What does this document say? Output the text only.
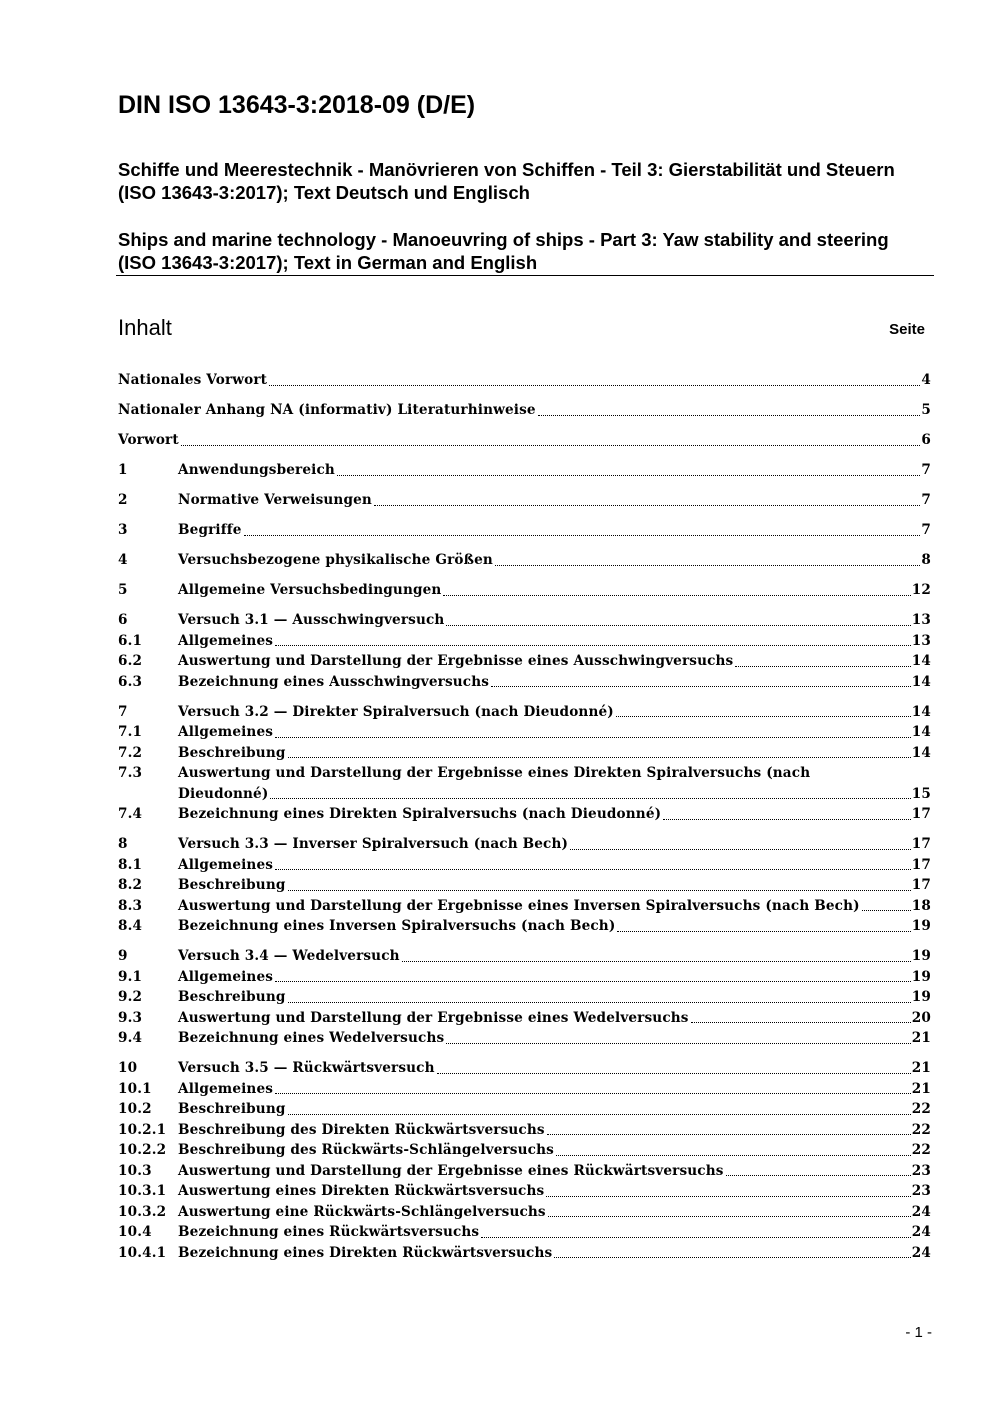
DIN ISO 13643-3:2018-09 (D/E)
Schiffe und Meerestechnik - Manövrieren von Schiffen - Teil 3: Gierstabilität und Steuern (ISO 13643-3:2017); Text Deutsch und Englisch
Ships and marine technology - Manoeuvring of ships - Part 3: Yaw stability and steering (ISO 13643-3:2017); Text in German and English
Inhalt	Seite
Nationales Vorwort	4
Nationaler Anhang NA (informativ) Literaturhinweise	5
Vorwort	6
1	Anwendungsbereich	7
2	Normative Verweisungen	7
3	Begriffe	7
4	Versuchsbezogene physikalische Größen	8
5	Allgemeine Versuchsbedingungen	12
6	Versuch 3.1 — Ausschwingversuch	13
6.1	Allgemeines	13
6.2	Auswertung und Darstellung der Ergebnisse eines Ausschwingversuchs	14
6.3	Bezeichnung eines Ausschwingversuchs	14
7	Versuch 3.2 — Direkter Spiralversuch (nach Dieudonné)	14
7.1	Allgemeines	14
7.2	Beschreibung	14
7.3	Auswertung und Darstellung der Ergebnisse eines Direkten Spiralversuchs (nach
Dieudonné)	15
7.4	Bezeichnung eines Direkten Spiralversuchs (nach Dieudonné)	17
8	Versuch 3.3 — Inverser Spiralversuch (nach Bech)	17
8.1	Allgemeines	17
8.2	Beschreibung	17
8.3	Auswertung und Darstellung der Ergebnisse eines Inversen Spiralversuchs (nach Bech)	18
8.4	Bezeichnung eines Inversen Spiralversuchs (nach Bech)	19
9	Versuch 3.4 — Wedelversuch	19
9.1	Allgemeines	19
9.2	Beschreibung	19
9.3	Auswertung und Darstellung der Ergebnisse eines Wedelversuchs	20
9.4	Bezeichnung eines Wedelversuchs	21
10	Versuch 3.5 — Rückwärtsversuch	21
10.1	Allgemeines	21
10.2	Beschreibung	22
10.2.1 Beschreibung des Direkten Rückwärtsversuchs	22
10.2.2 Beschreibung des Rückwärts-Schlängelversuchs	22
10.3	Auswertung und Darstellung der Ergebnisse eines Rückwärtsversuchs	23
10.3.1 Auswertung eines Direkten Rückwärtsversuchs	23
10.3.2 Auswertung eine Rückwärts-Schlängelversuchs	24
10.4	Bezeichnung eines Rückwärtsversuchs	24
10.4.1 Bezeichnung eines Direkten Rückwärtsversuchs	24
- 1 -
